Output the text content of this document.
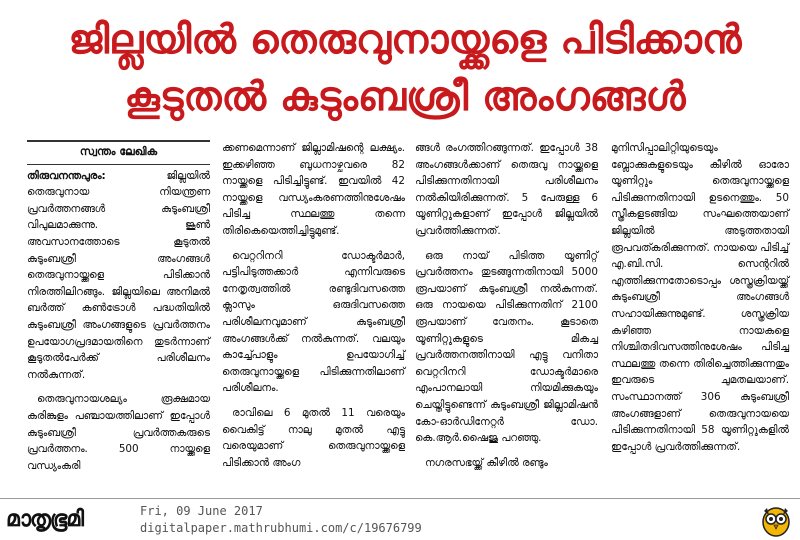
ജില്ലയിൽ തെരുവുനായ്ക്കളെ പിടിക്കാൻ
കൂടുതൽ കുടുംബശ്രീ അംഗങ്ങൾ
സ്വന്തം ലേഖിക

തിരുവനന്തപുരം:	ജില്ലയിൽ തെരുവുനായ നിയന്ത്രണ പ്രവർത്തനങ്ങൾ കുടുംബശ്രീ വിപുലമാക്കുന്നു. ജൂൺ അവസാനത്തോടെ കൂടുതൽ കുടുംബശ്രീ അംഗങ്ങൾ തെരുവുനായ്ക്കളെ പിടിക്കാൻ നിരത്തിലിറങ്ങും. ജില്ലയിലെ അനിമൽ ബർത്ത് കൺട്രോൾ പദ്ധതിയിൽ കുടുംബശ്രീ അംഗങ്ങളുടെ പ്രവർത്തനം ഉപയോഗപ്രദമായതിനെ തുടർന്നാണ് കൂടുതൽപേർക്ക് പരിശീലനം നൽകുന്നത്.

തെരുവുനായശല്യം രൂക്ഷമായ കരിങ്കുളം പഞ്ചായത്തിലാണ് ഇപ്പോൾ കുടുംബശ്രീ പ്രവർത്തകരുടെ പ്രവർത്തനം. 500 നായ്ക്കളെ വന്ധ്യംകരി

ക്കണമെന്നാണ് ജില്ലാമിഷന്റെ ലക്ഷ്യം. ഇക്കഴിഞ്ഞ ബുധനാഴ്ചവരെ 82 നായ്ക്കളെ പിടിച്ചിട്ടുണ്ട്. ഇവയിൽ 42 നായ്ക്കളെ വന്ധ്യംകരണത്തിനുശേഷം പിടിച്ച സ്ഥലത്തു തന്നെ തിരികെയെത്തിച്ചിട്ടുമുണ്ട്.

വെറ്ററിനറി ഡോക്ടർമാർ, പട്ടിപിടുത്തക്കാർ എന്നിവരുടെ നേതൃത്വത്തിൽ രണ്ടുദിവസത്തെ ക്ലാസും ഒരുദിവസത്തെ പരിശീലനവുമാണ് കുടുംബശ്രീ അംഗങ്ങൾക്ക് നൽകുന്നത്. വലയും കാച്ച്പോളും ഉപയോഗിച്ച് തെരുവുനായ്ക്കളെ പിടിക്കുന്നതിലാണ് പരിശീലനം.

രാവിലെ 6 മുതൽ 11 വരെയും വൈകിട്ട് നാലു മുതൽ എട്ടു വരെയുമാണ് തെരുവുനായ്ക്കളെ പിടിക്കാൻ അംഗ

ങ്ങൾ രംഗത്തിറങ്ങുന്നത്. ഇപ്പോൾ 38 അംഗങ്ങൾക്കാണ് തെരുവു നായ്ക്കളെ പിടിക്കുന്നതിനായി പരിശീലനം നൽകിയിരിക്കുന്നത്. 5 പേരുള്ള 6 യൂണിറ്റുകളാണ് ഇപ്പോൾ ജില്ലയിൽ പ്രവർത്തിക്കുന്നത്.

ഒരു നായ് പിടിത്ത യൂണിറ്റ് പ്രവർത്തനം തുടങ്ങുന്നതിനായി 5000 രൂപയാണ് കുടുംബശ്രീ നൽകുന്നത്. ഒരു നായയെ പിടിക്കുന്നതിന് 2100 രൂപയാണ് വേതനം. കൂടാതെ യൂണിറ്റുകളുടെ മികച്ച പ്രവർത്തനത്തിനായി എട്ടു വനിതാ വെറ്ററിനറി ഡോക്ടർമാരെ എംപാനലായി നിയമിക്കുകയും ചെയ്തിട്ടുണ്ടെന്ന് കുടുംബശ്രീ ജില്ലാമിഷൻ കോ-ഓർഡിനേറ്റർ ഡോ. കെ.ആർ.ഷൈജു പറഞ്ഞു.

നഗരസഭയ്ക്ക് കീഴിൽ രണ്ടും

മുനിസിപ്പാലിറ്റിയുടെയും ബ്ലോക്കുകളുടെയും കീഴിൽ ഓരോ യൂണിറ്റും തെരുവുനായ്ക്കളെ പിടിക്കുന്നതിനായി ഉടനെത്തും. 50 സ്ത്രീകളടങ്ങിയ സംഘത്തെയാണ് ജില്ലയിൽ അടുത്തതായി രൂപവത്കരിക്കുന്നത്. നായയെ പിടിച്ച് എ.ബി.സി. സെന്ററിൽ എത്തിക്കുന്നതോടൊപ്പം ശസ്ത്രക്രിയയ്ക്ക് കുടുംബശ്രീ അംഗങ്ങൾ സഹായിക്കുന്നുമുണ്ട്. ശസ്ത്രക്രിയ കഴിഞ്ഞ നായകളെ നിശ്ചിതദിവസത്തിനുശേഷം പിടിച്ച സ്ഥലത്തു തന്നെ തിരിച്ചെത്തിക്കുന്നതും ഇവരുടെ ചുമതലയാണ്. സംസ്ഥാനത്ത് 306 കുടുംബശ്രീ അംഗങ്ങളാണ് തെരുവുനായയെ പിടിക്കുന്നതിനായി 58 യൂണിറ്റുകളിൽ ഇപ്പോൾ പ്രവർത്തിക്കുന്നത്.

മാതൃഭൂമി	Fri, 09 June 2017
digitalpaper.mathrubhumi.com/c/19676799
